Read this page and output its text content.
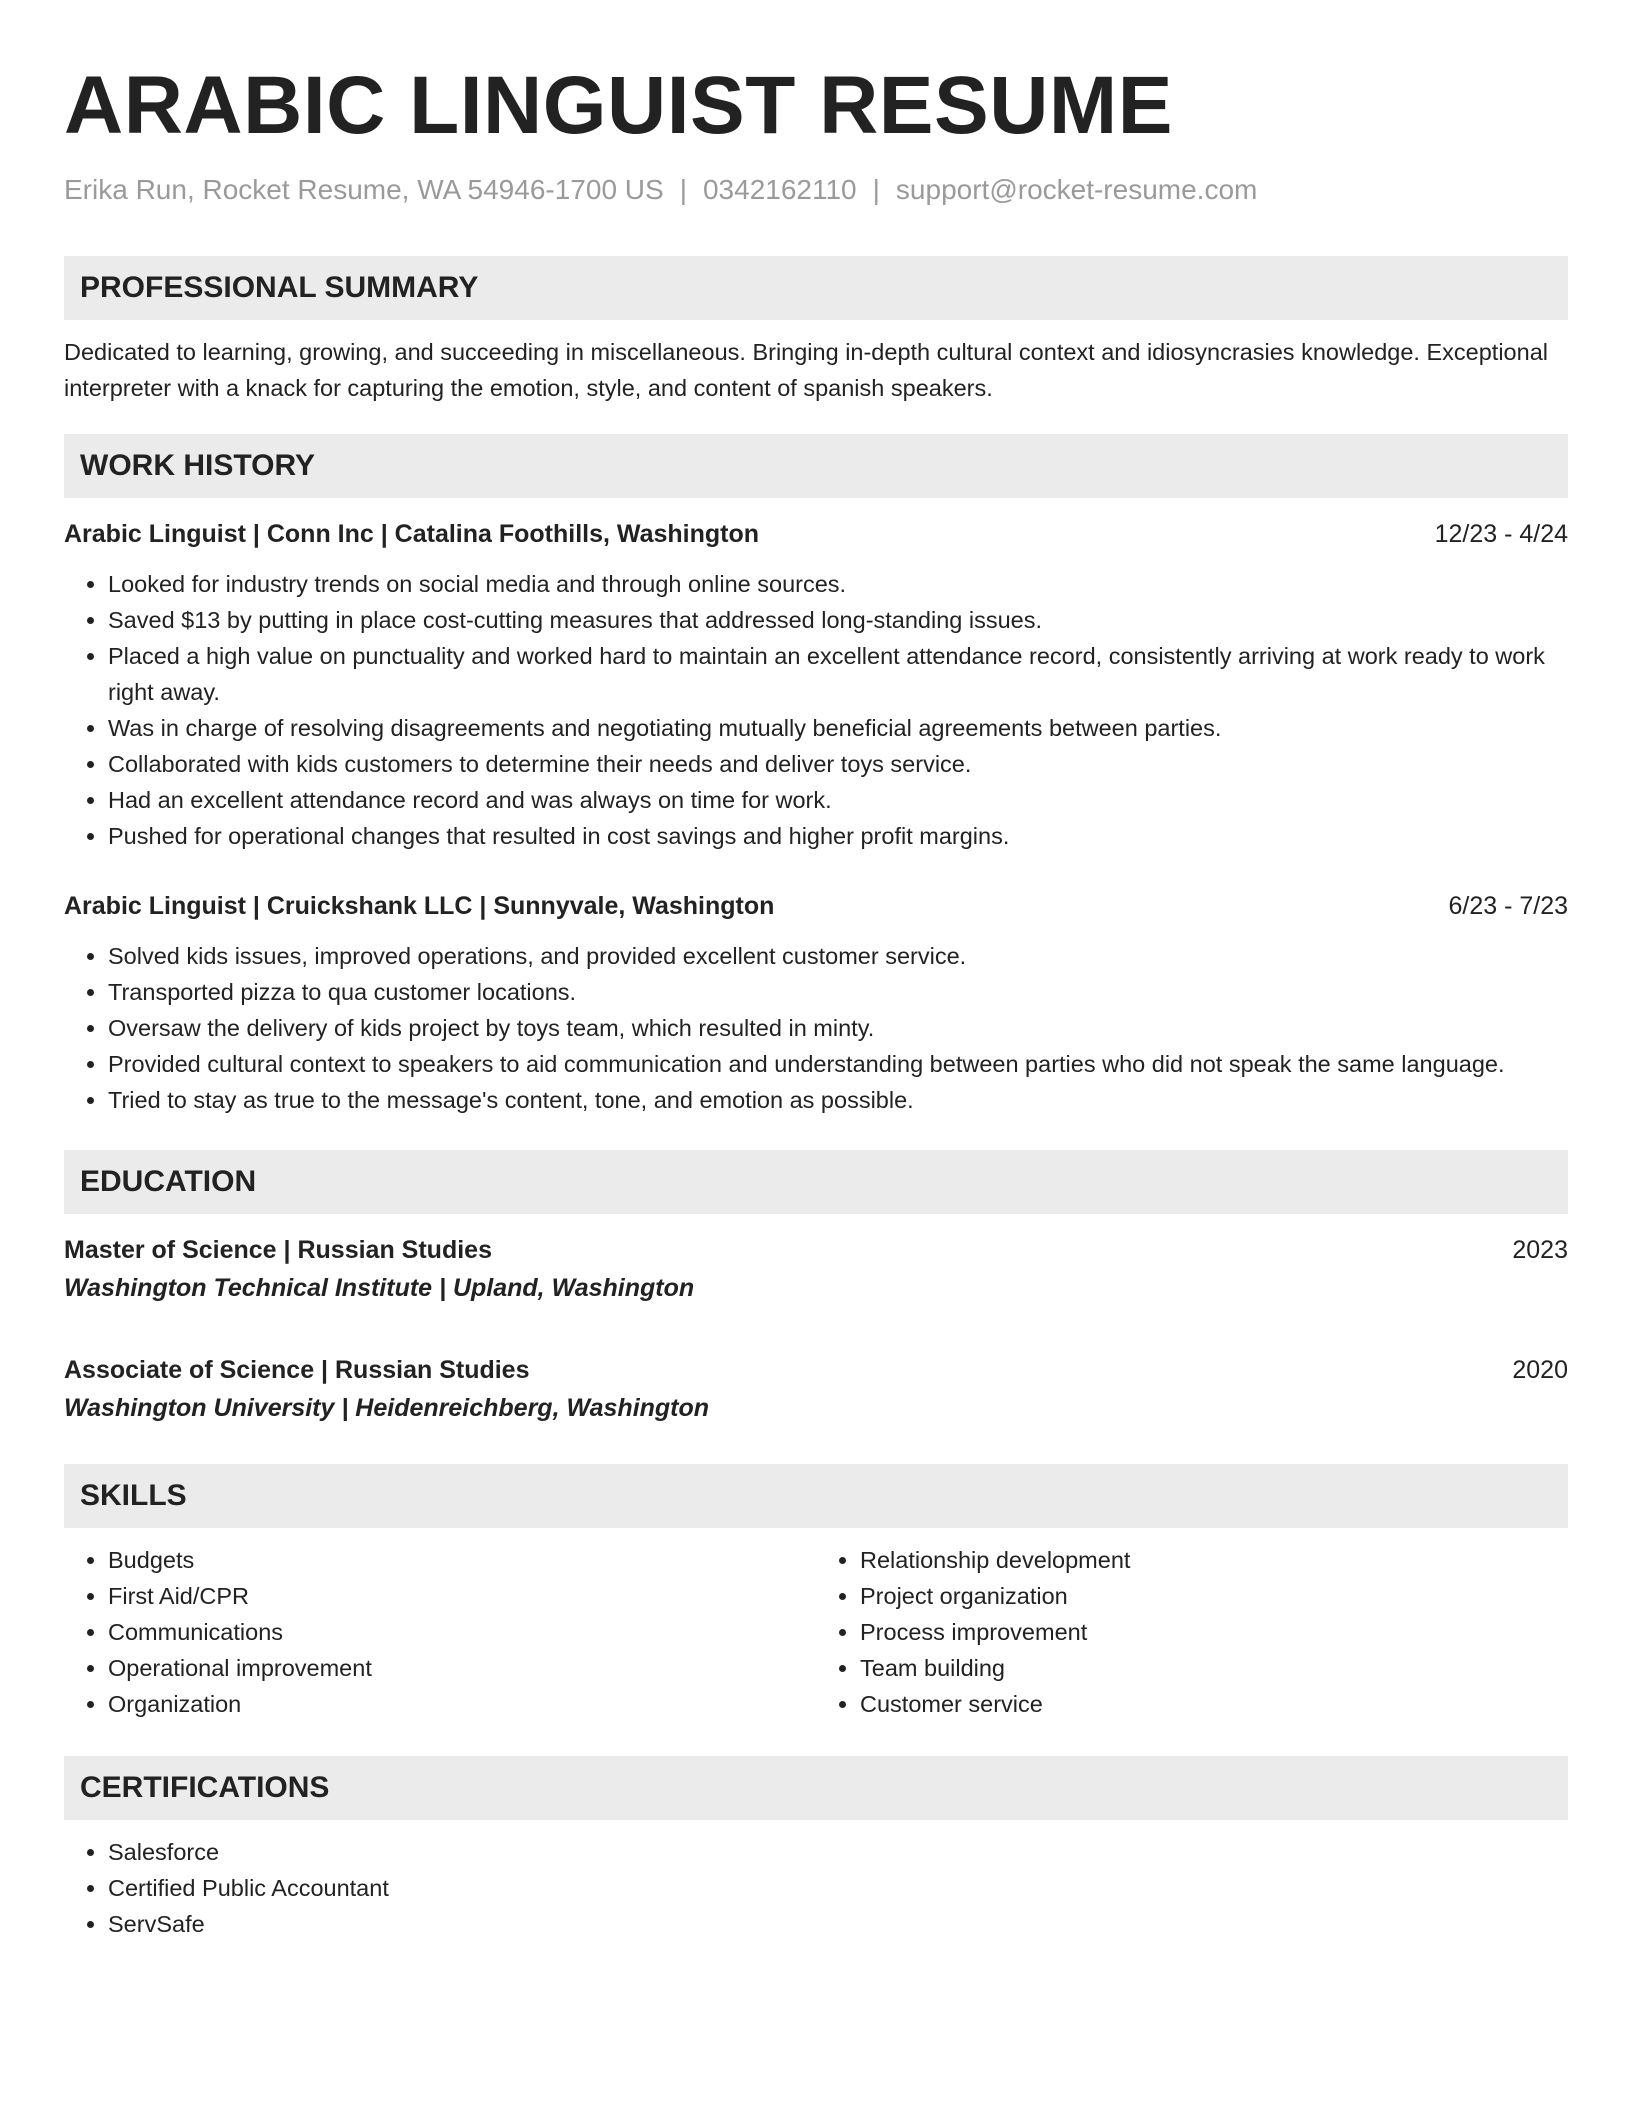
ARABIC LINGUIST RESUME
Erika Run, Rocket Resume, WA 54946-1700 US | 0342162110 | support@rocket-resume.com
PROFESSIONAL SUMMARY

Dedicated to learning, growing, and succeeding in miscellaneous. Bringing in-depth cultural context and idiosyncrasies knowledge. Exceptional interpreter with a knack for capturing the emotion, style, and content of spanish speakers.

WORK HISTORY
Arabic Linguist | Conn Inc | Catalina Foothills, Washington	12/23 - 4/24
• Looked for industry trends on social media and through online sources.
• Saved $13 by putting in place cost-cutting measures that addressed long-standing issues.
• Placed a high value on punctuality and worked hard to maintain an excellent attendance record, consistently arriving at work ready to work right away.
• Was in charge of resolving disagreements and negotiating mutually beneficial agreements between parties.
• Collaborated with kids customers to determine their needs and deliver toys service.
• Had an excellent attendance record and was always on time for work.
• Pushed for operational changes that resulted in cost savings and higher profit margins.
Arabic Linguist | Cruickshank LLC | Sunnyvale, Washington	6/23 - 7/23
• Solved kids issues, improved operations, and provided excellent customer service.
• Transported pizza to qua customer locations.
• Oversaw the delivery of kids project by toys team, which resulted in minty.
• Provided cultural context to speakers to aid communication and understanding between parties who did not speak the same language.
• Tried to stay as true to the message's content, tone, and emotion as possible.
EDUCATION
Master of Science | Russian Studies	2023
Washington Technical Institute | Upland, Washington
Associate of Science | Russian Studies	2020
Washington University | Heidenreichberg, Washington
SKILLS
• Budgets
• First Aid/CPR
• Communications
• Operational improvement
• Organization
• Relationship development
• Project organization
• Process improvement
• Team building
• Customer service
CERTIFICATIONS
• Salesforce
• Certified Public Accountant
• ServSafe
